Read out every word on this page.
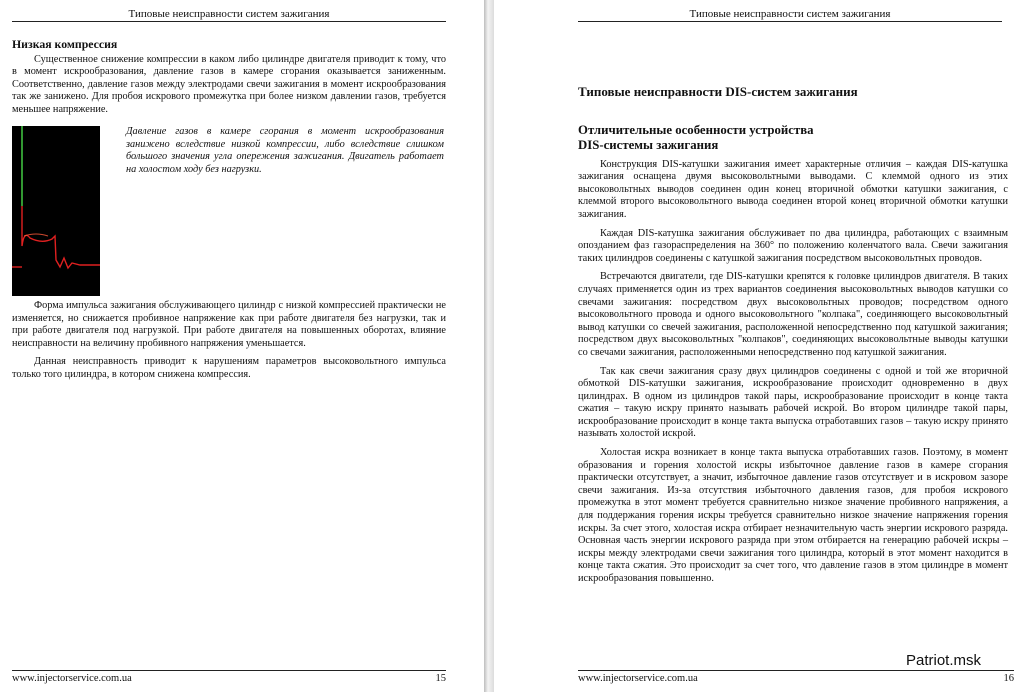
Типовые неисправности систем зажигания
Низкая компрессия

Существенное снижение компрессии в каком либо цилиндре двигателя приводит к тому, что в момент искрообразования, давление газов в камере сгорания оказывается заниженным. Соответственно, давление газов между электродами свечи зажигания в момент искрообразования так же занижено. Для пробоя искрового промежутка при более низком давлении газов, требуется меньшее напряжение.

Давление газов в камере сгорания в момент искрообразования занижено вследствие низкой компрессии, либо вследствие слишком большого значения угла опережения зажигания. Двигатель работает на холостом ходу без нагрузки.

Форма импульса зажигания обслуживающего цилиндр с низкой компрессией практически не изменяется, но снижается пробивное напряжение как при работе двигателя без нагрузки, так и при работе двигателя под нагрузкой. При работе двигателя на повышенных оборотах, влияние неисправности на величину пробивного напряжения уменьшается.

Данная неисправность приводит к нарушениям параметров высоковольтного импульса только того цилиндра, в котором снижена компрессия.

www.injectorservice.com.ua	15
Типовые неисправности систем зажигания
Типовые неисправности DIS-систем зажигания
Отличительные особенности устройства
DIS-системы зажигания

Конструкция DIS-катушки зажигания имеет характерные отличия – каждая DIS-катушка зажигания оснащена двумя высоковольтными выводами. С клеммой одного из этих высоковольтных выводов соединен один конец вторичной обмотки катушки зажигания, с клеммой второго высоковольтного вывода соединен второй конец вторичной обмотки катушки зажигания.

Каждая DIS-катушка зажигания обслуживает по два цилиндра, работающих с взаимным опозданием фаз газораспределения на 360° по положению коленчатого вала. Свечи зажигания таких цилиндров соединены с катушкой зажигания посредством высоковольтных проводов.

Встречаются двигатели, где DIS-катушки крепятся к головке цилиндров двигателя. В таких случаях применяется один из трех вариантов соединения высоковольтных выводов катушки со свечами зажигания: посредством двух высоковольтных проводов; посредством одного высоковольтного провода и одного высоковольтного "колпака", соединяющего высоковольтный вывод катушки со свечей зажигания, расположенной непосредственно под катушкой зажигания; посредством двух высоковольтных "колпаков", соединяющих высоковольтные выводы катушки со свечами зажигания, расположенными непосредственно под катушкой зажигания.

Так как свечи зажигания сразу двух цилиндров соединены с одной и той же вторичной обмоткой DIS-катушки зажигания, искрообразование происходит одновременно в двух цилиндрах. В одном из цилиндров такой пары, искрообразование происходит в конце такта сжатия – такую искру принято называть рабочей искрой. Во втором цилиндре такой пары, искрообразование происходит в конце такта выпуска отработавших газов – такую искру принято называть холостой искрой.

Холостая искра возникает в конце такта выпуска отработавших газов. Поэтому, в момент образования и горения холостой искры избыточное давление газов в камере сгорания практически отсутствует, а значит, избыточное давление газов отсутствует и в искровом зазоре свечи зажигания. Из-за отсутствия избыточного давления газов, для пробоя искрового промежутка в этот момент требуется сравнительно низкое значение пробивного напряжения, а для поддержания горения искры требуется сравнительно низкое значение напряжения горения искры. За счет этого, холостая искра отбирает незначительную часть энергии искрового разряда. Основная часть энергии искрового разряда при этом отбирается на генерацию рабочей искры – искры между электродами свечи зажигания того цилиндра, который в этот момент находится в конце такта сжатия. Это происходит за счет того, что давление газов в этом цилиндре в момент искрообразования повышенно.

Patriot.msk
www.injectorservice.com.ua	16
